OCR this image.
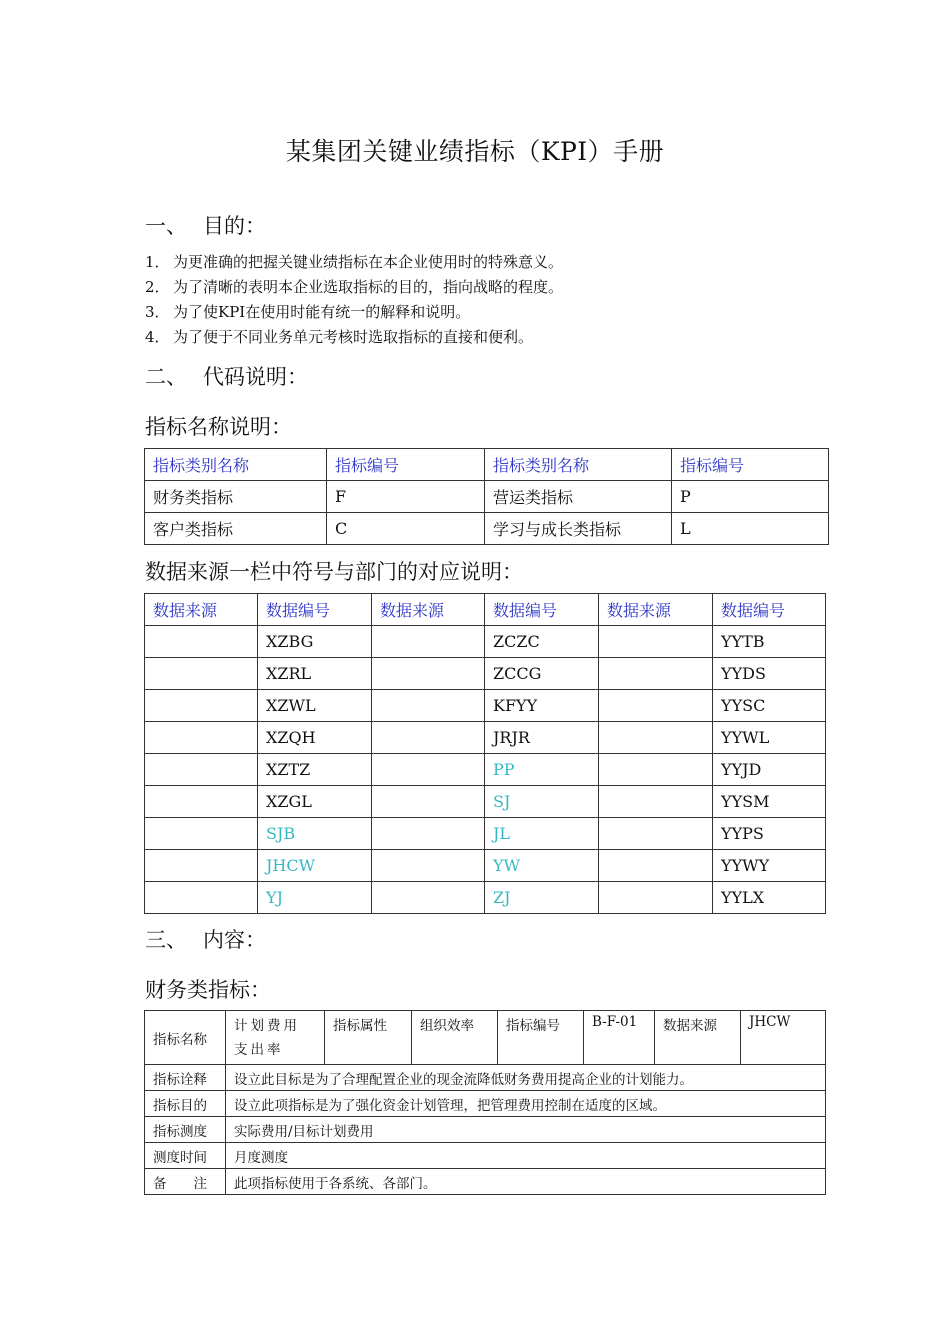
某集团关键业绩指标（KPI）手册
一、 目的：
1． 为更准确的把握关键业绩指标在本企业使用时的特殊意义。
2． 为了清晰的表明本企业选取指标的目的，指向战略的程度。
3． 为了使KPI在使用时能有统一的解释和说明。
4． 为了便于不同业务单元考核时选取指标的直接和便利。
二、 代码说明：
指标名称说明：
指标类别名称	指标编号	指标类别名称	指标编号
财务类指标	F	营运类指标	P
客户类指标	C	学习与成长类指标	L
数据来源一栏中符号与部门的对应说明：
数据来源	数据编号	数据来源	数据编号	数据来源	数据编号
	XZBG		ZCZC		YYTB
	XZRL		ZCCG		YYDS
	XZWL		KFYY		YYSC
	XZQH		JRJR		YYWL
	XZTZ		PP		YYJD
	XZGL		SJ		YYSM
	SJB		JL		YYPS
	JHCW		YW		YYWY
	YJ		ZJ		YYLX
三、 内容：
财务类指标：
指标名称	计划费用支出率	指标属性	组织效率	指标编号	B-F-01	数据来源	JHCW
指标诠释	设立此目标是为了合理配置企业的现金流降低财务费用提高企业的计划能力。						
指标目的	设立此项指标是为了强化资金计划管理，把管理费用控制在适度的区域。						
指标测度	实际费用/目标计划费用						
测度时间	月度测度						
备　　注	此项指标使用于各系统、各部门。						
